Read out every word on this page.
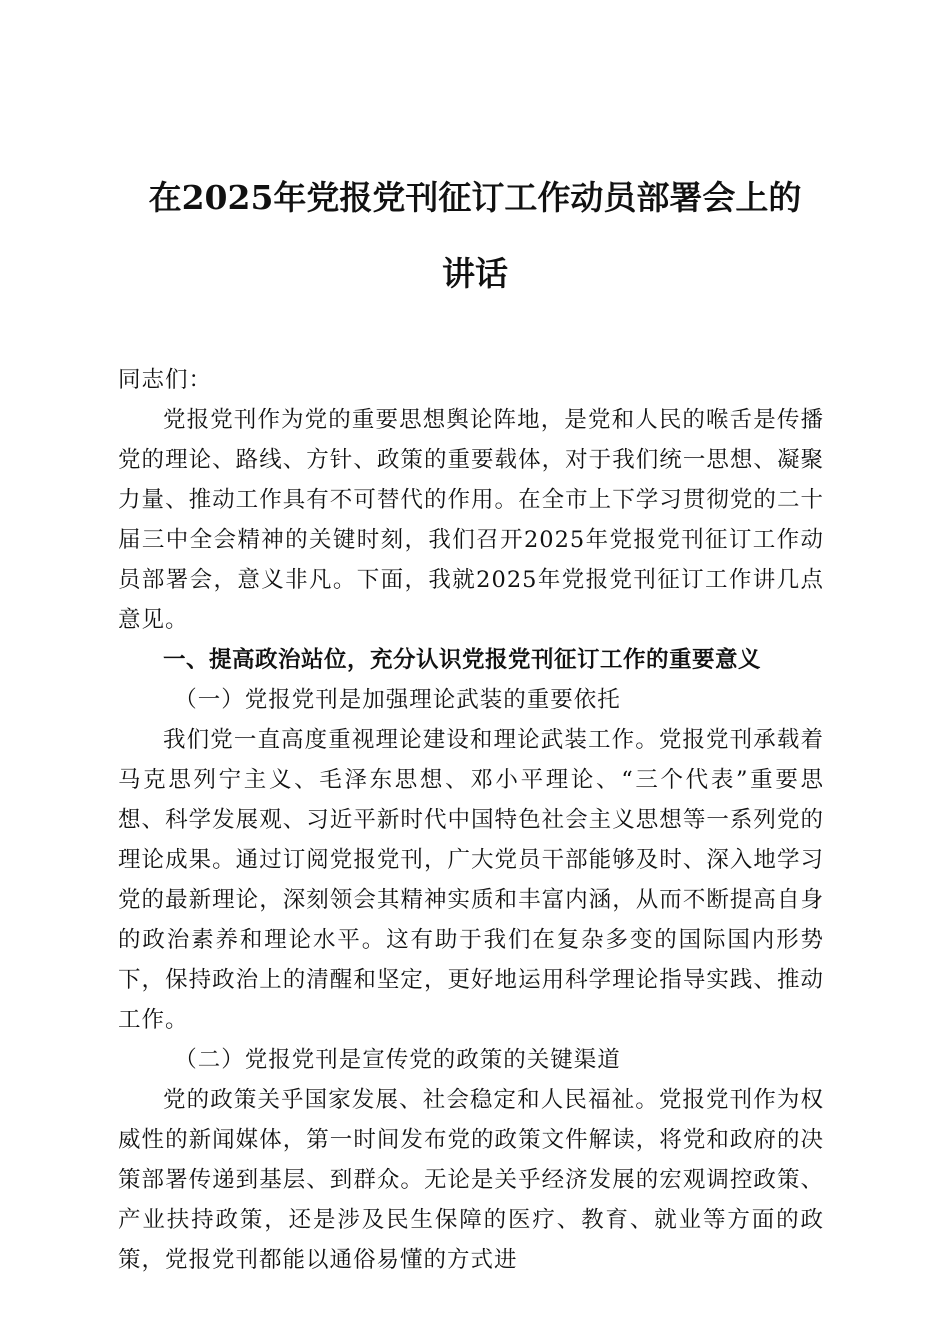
在2025年党报党刊征订工作动员部署会上的
讲话

同志们：

党报党刊作为党的重要思想舆论阵地，是党和人民的喉舌是传播党的理论、路线、方针、政策的重要载体，对于我们统一思想、凝聚力量、推动工作具有不可替代的作用。在全市上下学习贯彻党的二十届三中全会精神的关键时刻，我们召开2025年党报党刊征订工作动员部署会，意义非凡。下面，我就2025年党报党刊征订工作讲几点意见。

一、提高政治站位，充分认识党报党刊征订工作的重要意义

（一）党报党刊是加强理论武装的重要依托

我们党一直高度重视理论建设和理论武装工作。党报党刊承载着马克思列宁主义、毛泽东思想、邓小平理论、“三个代表”重要思想、科学发展观、习近平新时代中国特色社会主义思想等一系列党的理论成果。通过订阅党报党刊，广大党员干部能够及时、深入地学习党的最新理论，深刻领会其精神实质和丰富内涵，从而不断提高自身的政治素养和理论水平。这有助于我们在复杂多变的国际国内形势下，保持政治上的清醒和坚定，更好地运用科学理论指导实践、推动工作。

（二）党报党刊是宣传党的政策的关键渠道

党的政策关乎国家发展、社会稳定和人民福祉。党报党刊作为权威性的新闻媒体，第一时间发布党的政策文件解读，将党和政府的决策部署传递到基层、到群众。无论是关乎经济发展的宏观调控政策、产业扶持政策，还是涉及民生保障的医疗、教育、就业等方面的政策，党报党刊都能以通俗易懂的方式进
